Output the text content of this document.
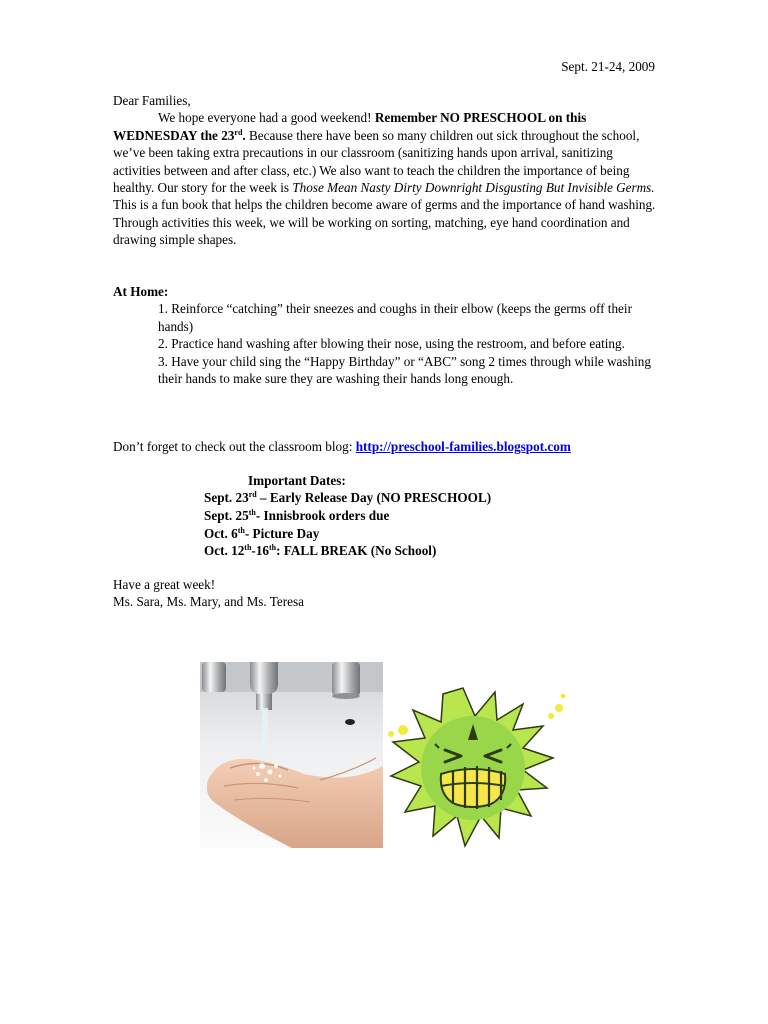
Sept. 21-24, 2009
Dear Families,
We hope everyone had a good weekend! Remember NO PRESCHOOL on this WEDNESDAY the 23rd. Because there have been so many children out sick throughout the school, we’ve been taking extra precautions in our classroom (sanitizing hands upon arrival, sanitizing activities between and after class, etc.) We also want to teach the children the importance of being healthy. Our story for the week is Those Mean Nasty Dirty Downright Disgusting But Invisible Germs. This is a fun book that helps the children become aware of germs and the importance of hand washing. Through activities this week, we will be working on sorting, matching, eye hand coordination and drawing simple shapes.
At Home:
1. Reinforce “catching” their sneezes and coughs in their elbow (keeps the germs off their hands)
2. Practice hand washing after blowing their nose, using the restroom, and before eating.
3. Have your child sing the “Happy Birthday” or “ABC” song 2 times through while washing their hands to make sure they are washing their hands long enough.
Don’t forget to check out the classroom blog: http://preschool-families.blogspot.com
Important Dates:
Sept. 23rd – Early Release Day (NO PRESCHOOL)
Sept. 25th- Innisbrook orders due
Oct. 6th- Picture Day
Oct. 12th-16th: FALL BREAK (No School)
Have a great week!
Ms. Sara, Ms. Mary, and Ms. Teresa
